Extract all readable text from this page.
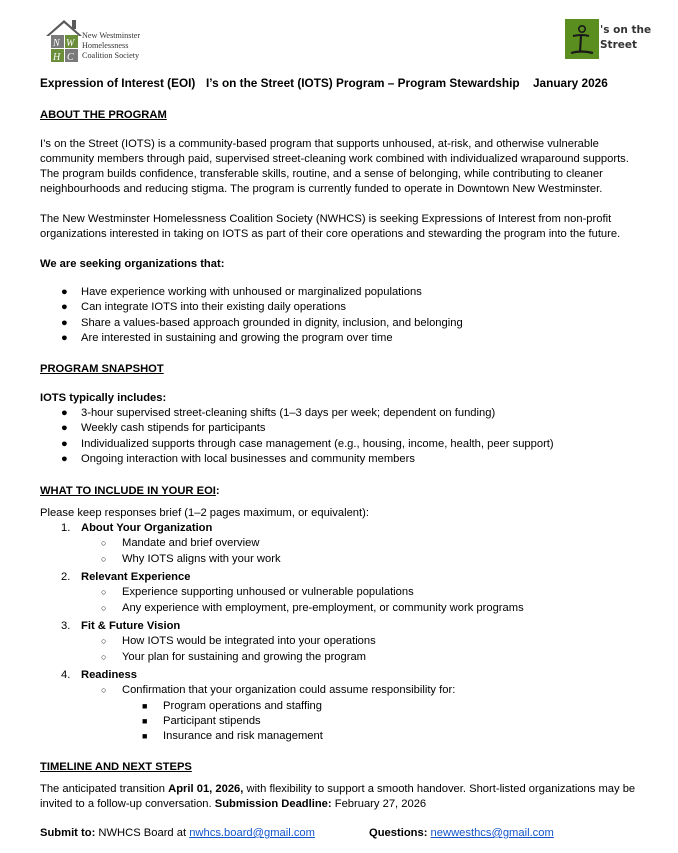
N W
H C
New Westminster
Homelessness
Coalition Society
's on the
Street
Expression of Interest (EOI) I’s on the Street (IOTS) Program – Program Stewardship January 2026
ABOUT THE PROGRAM
I’s on the Street (IOTS) is a community-based program that supports unhoused, at-risk, and otherwise vulnerable
community members through paid, supervised street-cleaning work combined with individualized wraparound supports.
The program builds confidence, transferable skills, routine, and a sense of belonging, while contributing to cleaner
neighbourhoods and reducing stigma. The program is currently funded to operate in Downtown New Westminster.
The New Westminster Homelessness Coalition Society (NWHCS) is seeking Expressions of Interest from non-profit
organizations interested in taking on IOTS as part of their core operations and stewarding the program into the future.
We are seeking organizations that:
● Have experience working with unhoused or marginalized populations
● Can integrate IOTS into their existing daily operations
● Share a values-based approach grounded in dignity, inclusion, and belonging
● Are interested in sustaining and growing the program over time
PROGRAM SNAPSHOT
IOTS typically includes:
● 3-hour supervised street-cleaning shifts (1–3 days per week; dependent on funding)
● Weekly cash stipends for participants
● Individualized supports through case management (e.g., housing, income, health, peer support)
● Ongoing interaction with local businesses and community members
WHAT TO INCLUDE IN YOUR EOI:
Please keep responses brief (1–2 pages maximum, or equivalent):
1. About Your Organization
○ Mandate and brief overview
○ Why IOTS aligns with your work
2. Relevant Experience
○ Experience supporting unhoused or vulnerable populations
○ Any experience with employment, pre-employment, or community work programs
3. Fit & Future Vision
○ How IOTS would be integrated into your operations
○ Your plan for sustaining and growing the program
4. Readiness
○ Confirmation that your organization could assume responsibility for:
■ Program operations and staffing
■ Participant stipends
■ Insurance and risk management
TIMELINE AND NEXT STEPS
The anticipated transition April 01, 2026, with flexibility to support a smooth handover. Short-listed organizations may be
invited to a follow-up conversation. Submission Deadline: February 27, 2026
Submit to: NWHCS Board at nwhcs.board@gmail.com	Questions: newwesthcs@gmail.com
